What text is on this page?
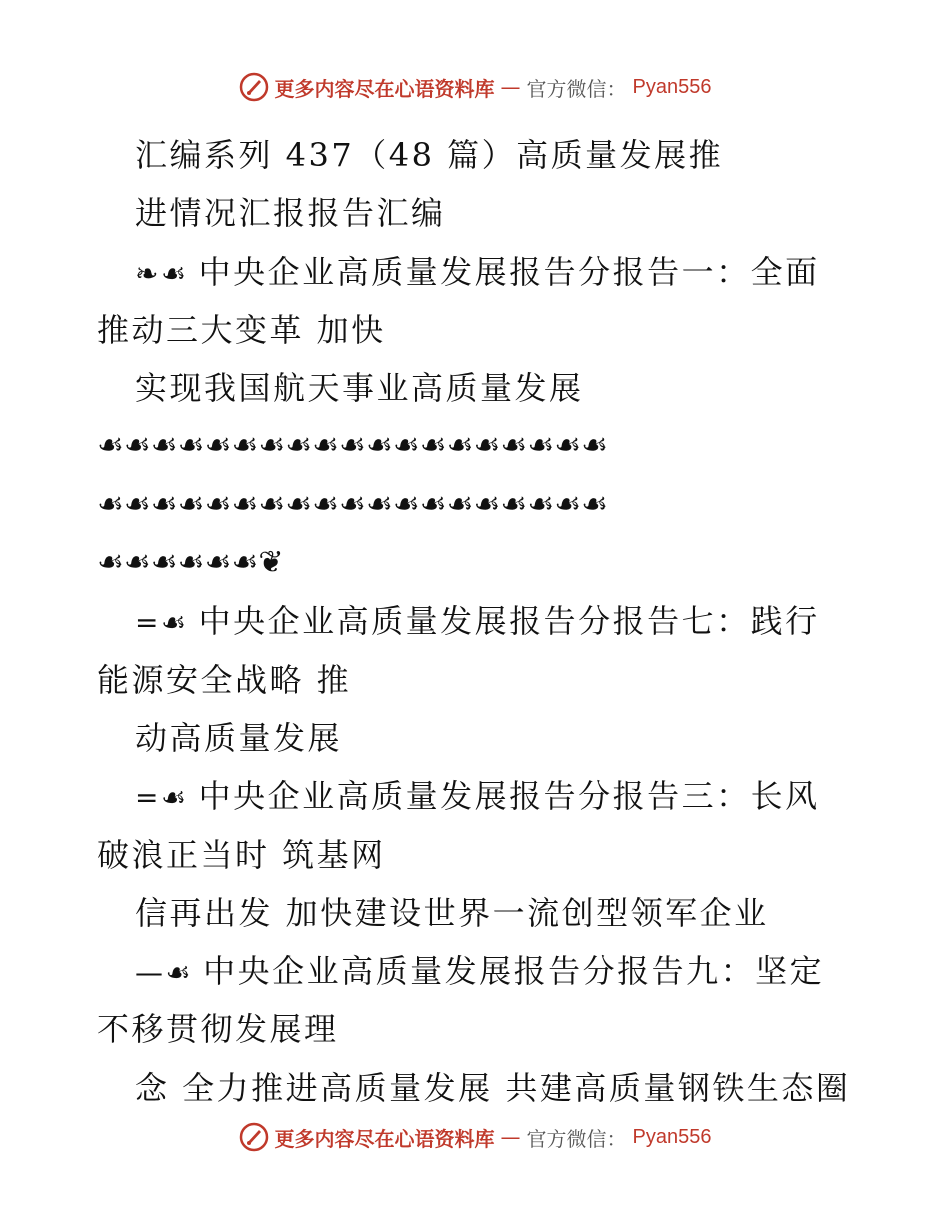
更多内容尽在心语资料库 — 官方微信： Pyan556
汇编系列 437（48 篇）高质量发展推
进情况汇报报告汇编
❧☙ 中央企业高质量发展报告分报告一：全面
推动三大变革 加快
实现我国航天事业高质量发展
☙☙☙☙☙☙☙☙☙☙☙☙☙☙☙☙☙☙☙
☙☙☙☙☙☙☙☙☙☙☙☙☙☙☙☙☙☙☙
☙☙☙☙☙☙❦
=☙ 中央企业高质量发展报告分报告七：践行
能源安全战略 推
动高质量发展
=☙ 中央企业高质量发展报告分报告三：长风
破浪正当时 筑基网
信再出发 加快建设世界一流创型领军企业
—☙ 中央企业高质量发展报告分报告九：坚定
不移贯彻发展理
念 全力推进高质量发展 共建高质量钢铁生态圈
更多内容尽在心语资料库 — 官方微信： Pyan556
